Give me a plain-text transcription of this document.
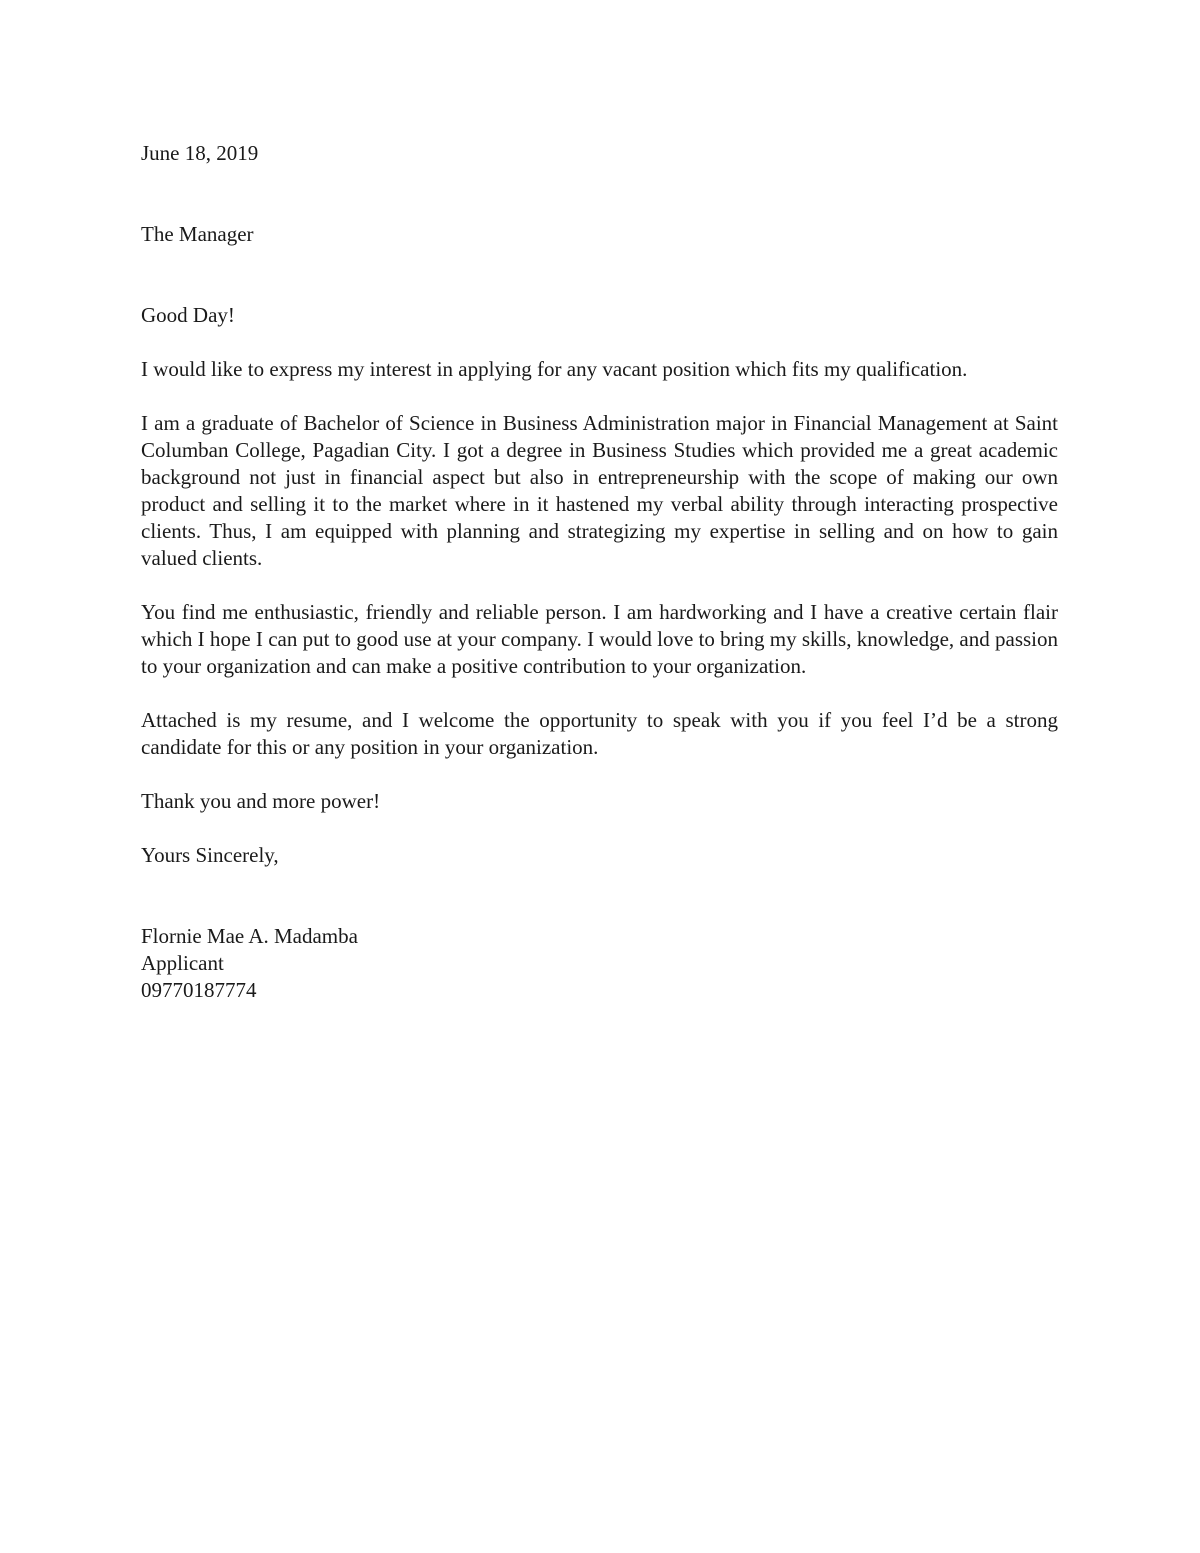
June 18, 2019

The Manager

Good Day!

I would like to express my interest in applying for any vacant position which fits my qualification.

I am a graduate of Bachelor of Science in Business Administration major in Financial Management at Saint Columban College, Pagadian City. I got a degree in Business Studies which provided me a great academic background not just in financial aspect but also in entrepreneurship with the scope of making our own product and selling it to the market where in it hastened my verbal ability through interacting prospective clients. Thus, I am equipped with planning and strategizing my expertise in selling and on how to gain valued clients.

You find me enthusiastic, friendly and reliable person. I am hardworking and I have a creative certain flair which I hope I can put to good use at your company. I would love to bring my skills, knowledge, and passion to your organization and can make a positive contribution to your organization.

Attached is my resume, and I welcome the opportunity to speak with you if you feel I’d be a strong candidate for this or any position in your organization.

Thank you and more power!

Yours Sincerely,

Flornie Mae A. Madamba

Applicant

09770187774
